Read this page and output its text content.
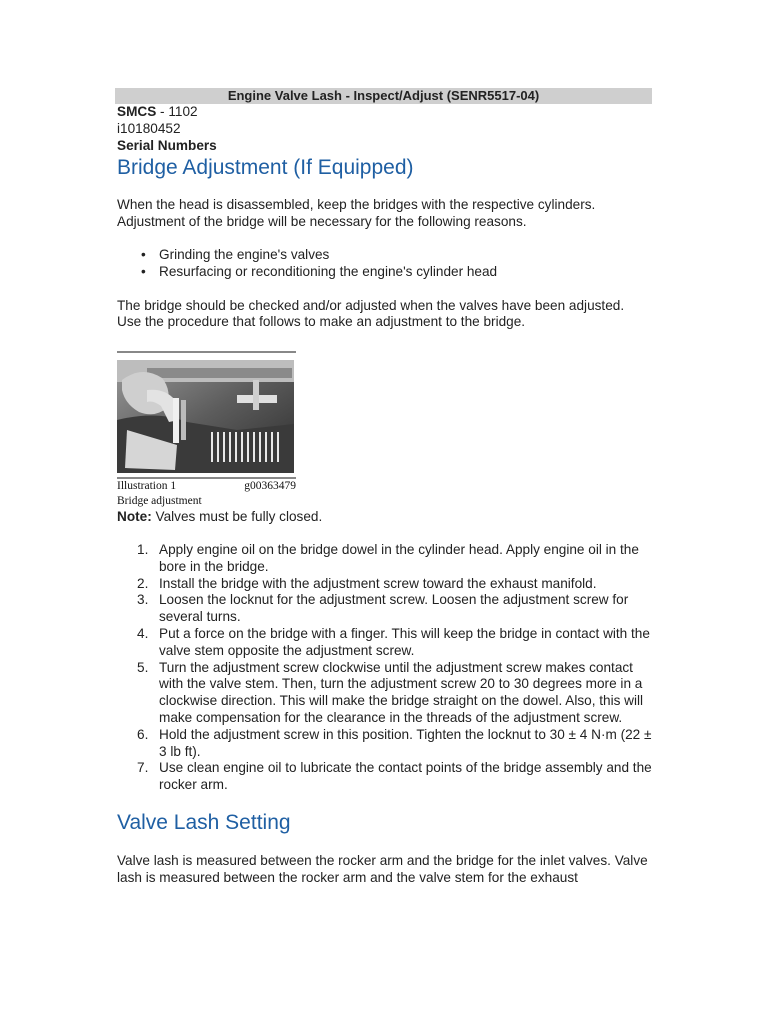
Engine Valve Lash - Inspect/Adjust (SENR5517-04)

SMCS - 1102

i10180452

Serial Numbers

Bridge Adjustment (If Equipped)

When the head is disassembled, keep the bridges with the respective cylinders. Adjustment of the bridge will be necessary for the following reasons.

• Grinding the engine's valves
• Resurfacing or reconditioning the engine's cylinder head

The bridge should be checked and/or adjusted when the valves have been adjusted. Use the procedure that follows to make an adjustment to the bridge.

Illustration 1	g00363479
Bridge adjustment

Note: Valves must be fully closed.

Apply engine oil on the bridge dowel in the cylinder head. Apply engine oil in the bore in the bridge.
Install the bridge with the adjustment screw toward the exhaust manifold.
Loosen the locknut for the adjustment screw. Loosen the adjustment screw for several turns.
Put a force on the bridge with a finger. This will keep the bridge in contact with the valve stem opposite the adjustment screw.
Turn the adjustment screw clockwise until the adjustment screw makes contact with the valve stem. Then, turn the adjustment screw 20 to 30 degrees more in a clockwise direction. This will make the bridge straight on the dowel. Also, this will make compensation for the clearance in the threads of the adjustment screw.
Hold the adjustment screw in this position. Tighten the locknut to 30 ± 4 N·m (22 ± 3 lb ft).
Use clean engine oil to lubricate the contact points of the bridge assembly and the rocker arm.
Valve Lash Setting

Valve lash is measured between the rocker arm and the bridge for the inlet valves. Valve lash is measured between the rocker arm and the valve stem for the exhaust
